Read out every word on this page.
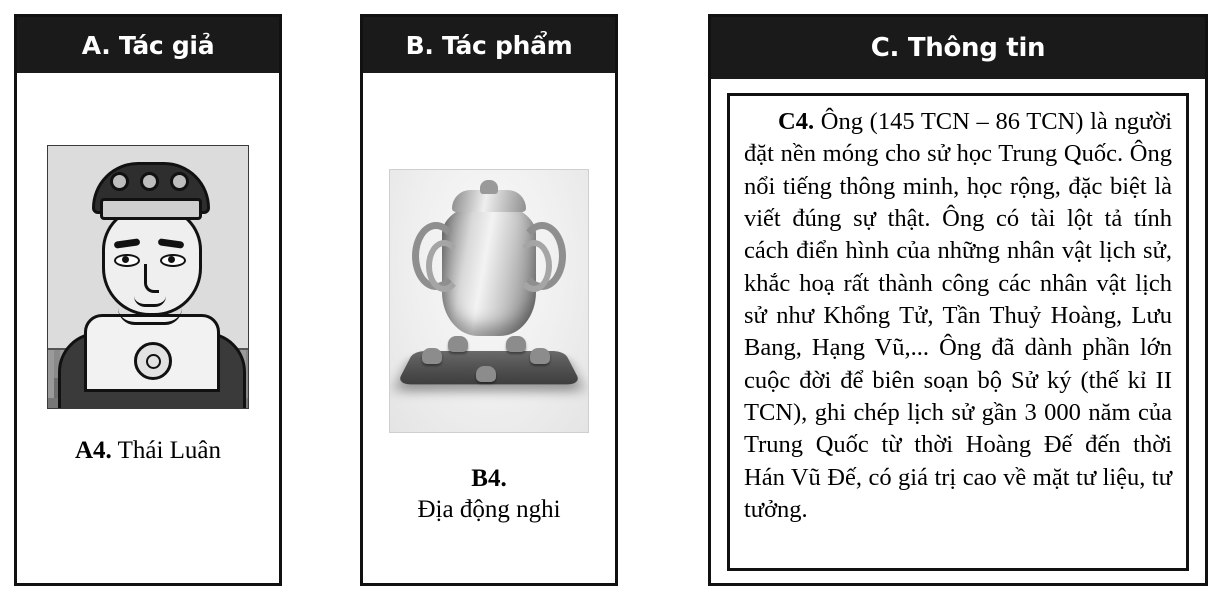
A. Tác giả
A4. Thái Luân
B. Tác phẩm
B4.
Địa động nghi
C. Thông tin
C4. Ông (145 TCN – 86 TCN) là người đặt nền móng cho sử học Trung Quốc. Ông nổi tiếng thông minh, học rộng, đặc biệt là viết đúng sự thật. Ông có tài lột tả tính cách điển hình của những nhân vật lịch sử, khắc hoạ rất thành công các nhân vật lịch sử như Khổng Tử, Tần Thuỷ Hoàng, Lưu Bang, Hạng Vũ,... Ông đã dành phần lớn cuộc đời để biên soạn bộ Sử ký (thế kỉ II TCN), ghi chép lịch sử gần 3 000 năm của Trung Quốc từ thời Hoàng Đế đến thời Hán Vũ Đế, có giá trị cao về mặt tư liệu, tư tưởng.
